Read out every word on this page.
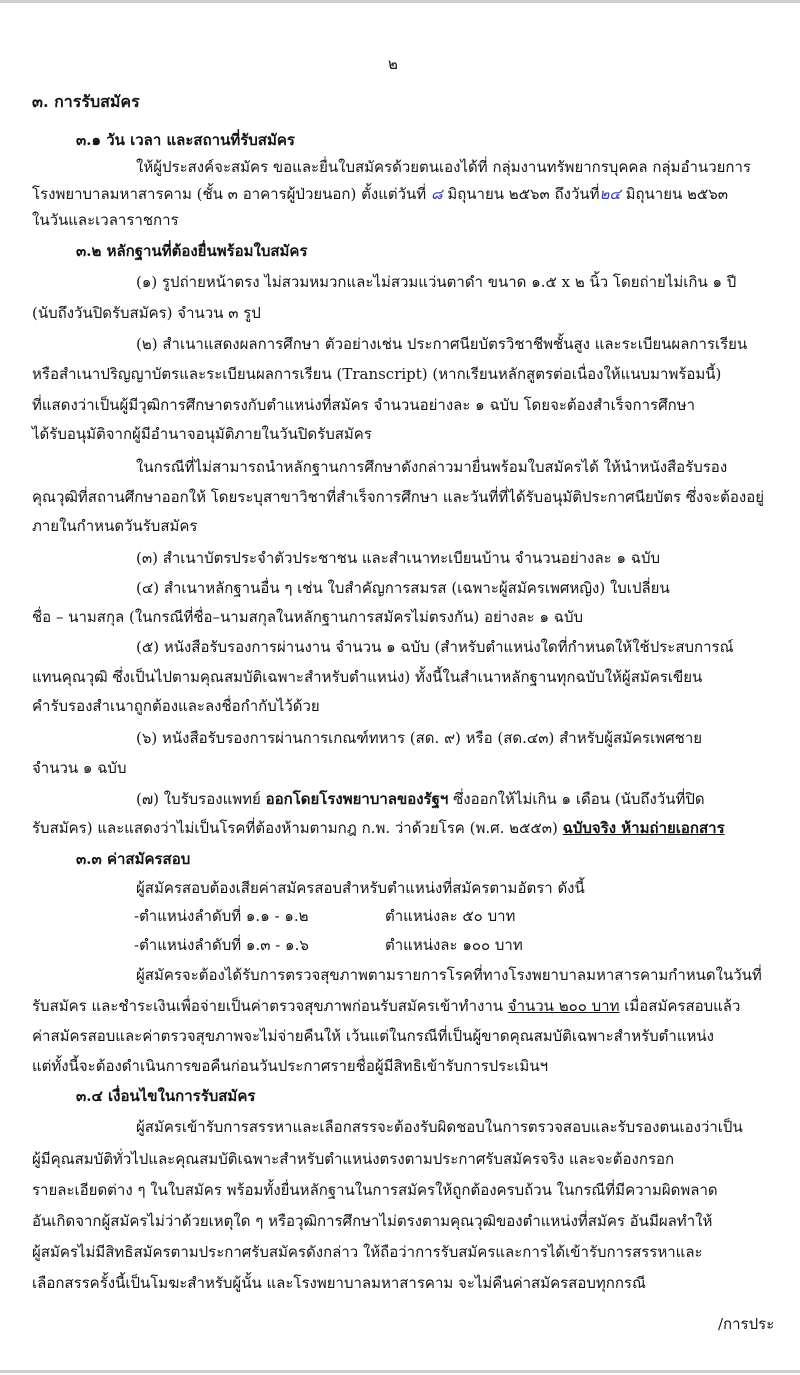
๒
๓. การรับสมัคร
๓.๑ วัน เวลา และสถานที่รับสมัคร
ให้ผู้ประสงค์จะสมัคร ขอและยื่นใบสมัครด้วยตนเองได้ที่ กลุ่มงานทรัพยากรบุคคล กลุ่มอำนวยการ
โรงพยาบาลมหาสารคาม (ชั้น ๓ อาคารผู้ป่วยนอก) ตั้งแต่วันที่ ๘ มิถุนายน ๒๕๖๓ ถึงวันที่๒๔ มิถุนายน ๒๕๖๓
ในวันและเวลาราชการ
๓.๒ หลักฐานที่ต้องยื่นพร้อมใบสมัคร
(๑) รูปถ่ายหน้าตรง ไม่สวมหมวกและไม่สวมแว่นตาดำ ขนาด ๑.๕ x ๒ นิ้ว โดยถ่ายไม่เกิน ๑ ปี
(นับถึงวันปิดรับสมัคร) จำนวน ๓ รูป
(๒) สำเนาแสดงผลการศึกษา ตัวอย่างเช่น ประกาศนียบัตรวิชาชีพชั้นสูง และระเบียนผลการเรียน
หรือสำเนาปริญญาบัตรและระเบียนผลการเรียน (Transcript) (หากเรียนหลักสูตรต่อเนื่องให้แนบมาพร้อมนี้)
ที่แสดงว่าเป็นผู้มีวุฒิการศึกษาตรงกับตำแหน่งที่สมัคร จำนวนอย่างละ ๑ ฉบับ โดยจะต้องสำเร็จการศึกษา
ได้รับอนุมัติจากผู้มีอำนาจอนุมัติภายในวันปิดรับสมัคร
ในกรณีที่ไม่สามารถนำหลักฐานการศึกษาดังกล่าวมายื่นพร้อมใบสมัครได้ ให้นำหนังสือรับรอง
คุณวุฒิที่สถานศึกษาออกให้ โดยระบุสาขาวิชาที่สำเร็จการศึกษา และวันที่ที่ได้รับอนุมัติประกาศนียบัตร ซึ่งจะต้องอยู่
ภายในกำหนดวันรับสมัคร
(๓) สำเนาบัตรประจำตัวประชาชน และสำเนาทะเบียนบ้าน จำนวนอย่างละ ๑ ฉบับ
(๔) สำเนาหลักฐานอื่น ๆ เช่น ใบสำคัญการสมรส (เฉพาะผู้สมัครเพศหญิง) ใบเปลี่ยน
ชื่อ – นามสกุล (ในกรณีที่ชื่อ–นามสกุลในหลักฐานการสมัครไม่ตรงกัน) อย่างละ ๑ ฉบับ
(๕) หนังสือรับรองการผ่านงาน จำนวน ๑ ฉบับ (สำหรับตำแหน่งใดที่กำหนดให้ใช้ประสบการณ์
แทนคุณวุฒิ ซึ่งเป็นไปตามคุณสมบัติเฉพาะสำหรับตำแหน่ง) ทั้งนี้ในสำเนาหลักฐานทุกฉบับให้ผู้สมัครเขียน
คำรับรองสำเนาถูกต้องและลงชื่อกำกับไว้ด้วย
(๖) หนังสือรับรองการผ่านการเกณฑ์ทหาร (สด. ๙) หรือ (สด.๔๓) สำหรับผู้สมัครเพศชาย
จำนวน ๑ ฉบับ
(๗) ใบรับรองแพทย์ ออกโดยโรงพยาบาลของรัฐฯ ซึ่งออกให้ไม่เกิน ๑ เดือน (นับถึงวันที่ปิด
รับสมัคร) และแสดงว่าไม่เป็นโรคที่ต้องห้ามตามกฎ ก.พ. ว่าด้วยโรค (พ.ศ. ๒๕๕๓) ฉบับจริง ห้ามถ่ายเอกสาร
๓.๓ ค่าสมัครสอบ
ผู้สมัครสอบต้องเสียค่าสมัครสอบสำหรับตำแหน่งที่สมัครตามอัตรา ดังนี้
-ตำแหน่งลำดับที่ ๑.๑ - ๑.๒	ตำแหน่งละ ๕๐ บาท
-ตำแหน่งลำดับที่ ๑.๓ - ๑.๖	ตำแหน่งละ ๑๐๐ บาท
ผู้สมัครจะต้องได้รับการตรวจสุขภาพตามรายการโรคที่ทางโรงพยาบาลมหาสารคามกำหนดในวันที่
รับสมัคร และชำระเงินเพื่อจ่ายเป็นค่าตรวจสุขภาพก่อนรับสมัครเข้าทำงาน จำนวน ๒๐๐ บาท เมื่อสมัครสอบแล้ว
ค่าสมัครสอบและค่าตรวจสุขภาพจะไม่จ่ายคืนให้ เว้นแต่ในกรณีที่เป็นผู้ขาดคุณสมบัติเฉพาะสำหรับตำแหน่ง
แต่ทั้งนี้จะต้องดำเนินการขอคืนก่อนวันประกาศรายชื่อผู้มีสิทธิเข้ารับการประเมินฯ
๓.๔ เงื่อนไขในการรับสมัคร
ผู้สมัครเข้ารับการสรรหาและเลือกสรรจะต้องรับผิดชอบในการตรวจสอบและรับรองตนเองว่าเป็น
ผู้มีคุณสมบัติทั่วไปและคุณสมบัติเฉพาะสำหรับตำแหน่งตรงตามประกาศรับสมัครจริง และจะต้องกรอก
รายละเอียดต่าง ๆ ในใบสมัคร พร้อมทั้งยื่นหลักฐานในการสมัครให้ถูกต้องครบถ้วน ในกรณีที่มีความผิดพลาด
อันเกิดจากผู้สมัครไม่ว่าด้วยเหตุใด ๆ หรือวุฒิการศึกษาไม่ตรงตามคุณวุฒิของตำแหน่งที่สมัคร อันมีผลทำให้
ผู้สมัครไม่มีสิทธิสมัครตามประกาศรับสมัครดังกล่าว ให้ถือว่าการรับสมัครและการได้เข้ารับการสรรหาและ
เลือกสรรครั้งนี้เป็นโมฆะสำหรับผู้นั้น และโรงพยาบาลมหาสารคาม จะไม่คืนค่าสมัครสอบทุกกรณี
/การประ
